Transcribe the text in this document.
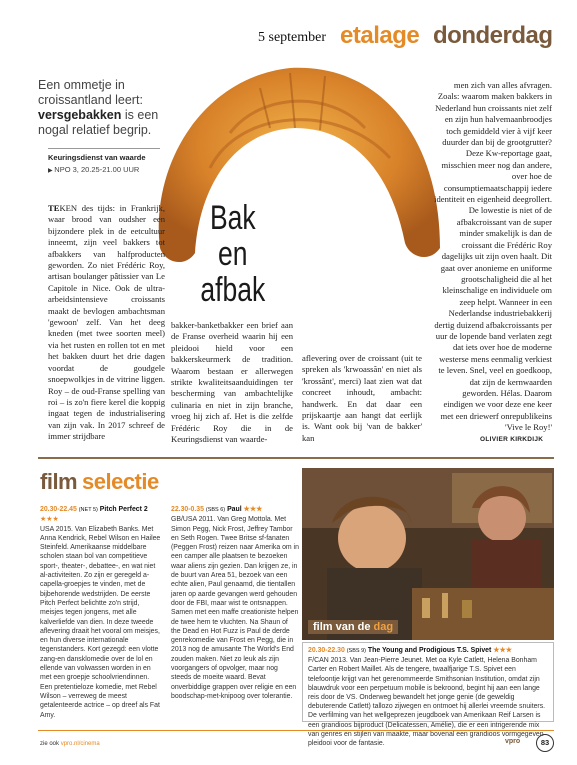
5 september etalage donderdag
Een ommetje in croissantland leert: versgebakken is een nogal relatief begrip.
Keuringsdienst van waarde
▶ NPO 3, 20.25-21.00 UUR
Bak
en afbak
TEKEN des tijds: in Frankrijk, waar brood van oudsher een bijzondere plek in de eetcultuur inneemt, zijn veel bakkers tot afbakkers van halfproducten geworden. Zo niet Frédéric Roy, artisan boulanger pâtissier van Le Capitole in Nice. Ook de ultra-arbeidsintensieve croissants maakt de bevlogen ambachtsman 'gewoon' zelf. Van het deeg kneden (met twee soorten meel) via het rusten en rollen tot en met het bakken duurt het drie dagen voordat de goudgele snoepwolkjes in de vitrine liggen. Roy – de oud-Franse spelling van roi – is zo'n fiere kerel die koppig ingaat tegen de industrialisering van zijn vak. In 2017 schreef de immer strijdbare
bakker-banketbakker een brief aan de Franse overheid waarin hij een pleidooi hield voor een bakkerskeurmerk de tradition. Waarom bestaan er allerwegen strikte kwaliteitsaanduidingen ter bescherming van ambachtelijke culinaria en niet in zijn branche, vroeg hij zich af. Het is die zelfde Frédéric Roy die in de Keuringsdienst van waarde-
aflevering over de croissant (uit te spreken als 'krwoassãn' en niet als 'krossãnt', merci) laat zien wat dat concreet inhoudt, ambacht: handwerk. En dat daar een prijskaartje aan hangt dat eerlijk is. Want ook bij 'van de bakker' kan
men zich van alles afvragen. Zoals: waarom maken bakkers in Nederland hun croissants niet zelf en zijn hun halvemaanbroodjes toch gemiddeld vier à vijf keer duurder dan bij de grootgrutter? Deze Kw-reportage gaat, misschien meer nog dan andere, over hoe de consumptiemaatschappij iedere identiteit en eigenheid deegrollert. De lowestie is niet of de afbakcroissant van de super minder smakelijk is dan de croissant die Frédéric Roy dagelijks uit zijn oven haalt. Dit gaat over anonieme en uniforme grootschaligheid die al het kleinschalige en individuele om zeep helpt. Wanneer in een Nederlandse industriebakkerij dertig duizend afbakcroissants per uur de lopende band verlaten zegt dat iets over hoe de moderne westerse mens eenmalig verkiest te leven. Snel, veel en goedkoop, dat zijn de kernwaarden geworden. Hélas. Daarom eindigen we voor deze ene keer met een driewerf onrepublikeins 'Vive le Roy!'
OLIVIER KIRKDIJK
film selectie
20.30-22.45 (NET 5) Pitch Perfect 2
★★★
USA 2015. Van Elizabeth Banks. Met Anna Kendrick, Rebel Wilson en Hailee Steinfeld. Amerikaanse middelbare scholen staan bol van competitieve sport-, theater-, debattee-, en wat niet al-activiteiten. Zo zijn er geregeld a-capella-groepjes te vinden, met de bijbehorende wedstrijden. De eerste Pitch Perfect belichtte zo'n strijd, meisjes tegen jongens, met alle kalverliefde van dien. In deze tweede aflevering draait het vooral om meisjes, en hun diverse internationale tegenstanders. Kort gezegd: een vlotte zang-en dansklomedie over de lol en ellende van volwassen worden in en met een groepje schoolvriendinnen. Een pretentieloze komedie, met Rebel Wilson – verreweg de meest getalenteerde actrice – op dreef als Fat Amy.
22.30-0.35 (SBS 6) Paul ★★★
GB/USA 2011. Van Greg Mottola. Met Simon Pegg, Nick Frost, Jeffrey Tambor en Seth Rogen. Twee Britse sf-fanaten (Peggen Frost) reizen naar Amerika om in een camper alle plaatsen te bezoeken waar aliens zijn gezien. Dan krijgen ze, in de buurt van Area 51, bezoek van een echte alien, Paul genaamd, die tientallen jaren op aarde gevangen werd gehouden door de FBI, maar wist te ontsnappen. Samen met een maffe creationiste helpen de twee hem te vluchten. Na Shaun of the Dead en Hot Fuzz is Paul de derde genrekomedie van Frost en Pegg, die in 2013 nog de amusante The World's End zouden maken. Niet zo leuk als zijn voorgangers of opvolger, maar nog steeds de moeite waard. Bevat onverbiddige grappen over religie en een boodschap-met-knipoog over tolerantie.
film van de dag
20.30-22.30 (SBS 9) The Young and Prodigious T.S. Spivet ★★★
F/CAN 2013. Van Jean-Pierre Jeunet. Met oa Kyle Catlett, Helena Bonham Carter en Robert Maillet. Als de tengere, twaalfjarige T.S. Spivet een telefoontje krijgt van het gerenommeerde Smithsonian Institution, omdat zijn blauwdruk voor een perpetuum mobile is bekroond, begint hij aan een lange reis door de VS. Onderweg bewandelt het jonge genie (de geweldig debuterende Catlett) tallozo zijwegen en ontmoet hij allerlei vreemde snuiters. De verfilming van het wellgeprezen jeugdboek van Amerikaan Reif Larsen is een grandioos bijproduct (Delicatessen, Amélie), die er een intrigerende mix van genres en stijlen van maakte, maar bovenal een grandioos vormgegeven pleidooi voor de fantasie.
zie ook vpro.nl/cinema	vpro	83
